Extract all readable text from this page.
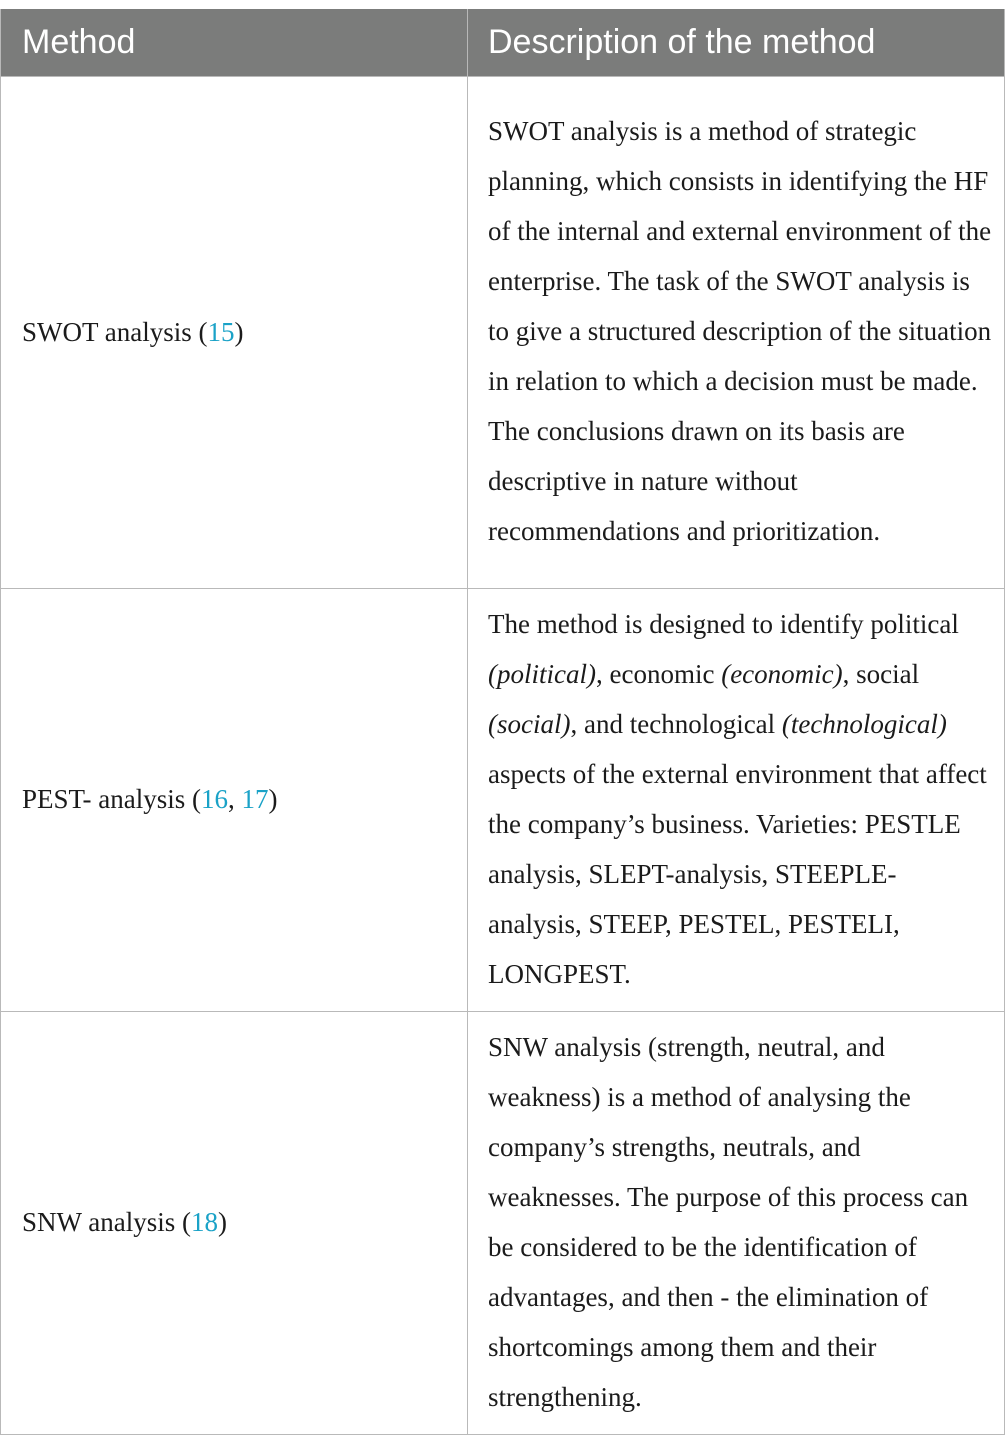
Method	Description of the method
SWOT analysis (15)	SWOT analysis is a method of strategic planning, which consists in identifying the HF of the internal and external environment of the enterprise. The task of the SWOT analysis is to give a structured description of the situation in relation to which a decision must be made. The conclusions drawn on its basis are descriptive in nature without recommendations and prioritization.
PEST- analysis (16, 17)	The method is designed to identify political (political), economic (economic), social (social), and technological (technological) aspects of the external environment that affect the company’s business. Varieties: PESTLE analysis, SLEPT-analysis, STEEPLE- analysis, STEEP, PESTEL, PESTELI, LONGPEST.
SNW analysis (18)	SNW analysis (strength, neutral, and weakness) is a method of analysing the company’s strengths, neutrals, and weaknesses. The purpose of this process can be considered to be the identification of advantages, and then - the elimination of shortcomings among them and their strengthening.
